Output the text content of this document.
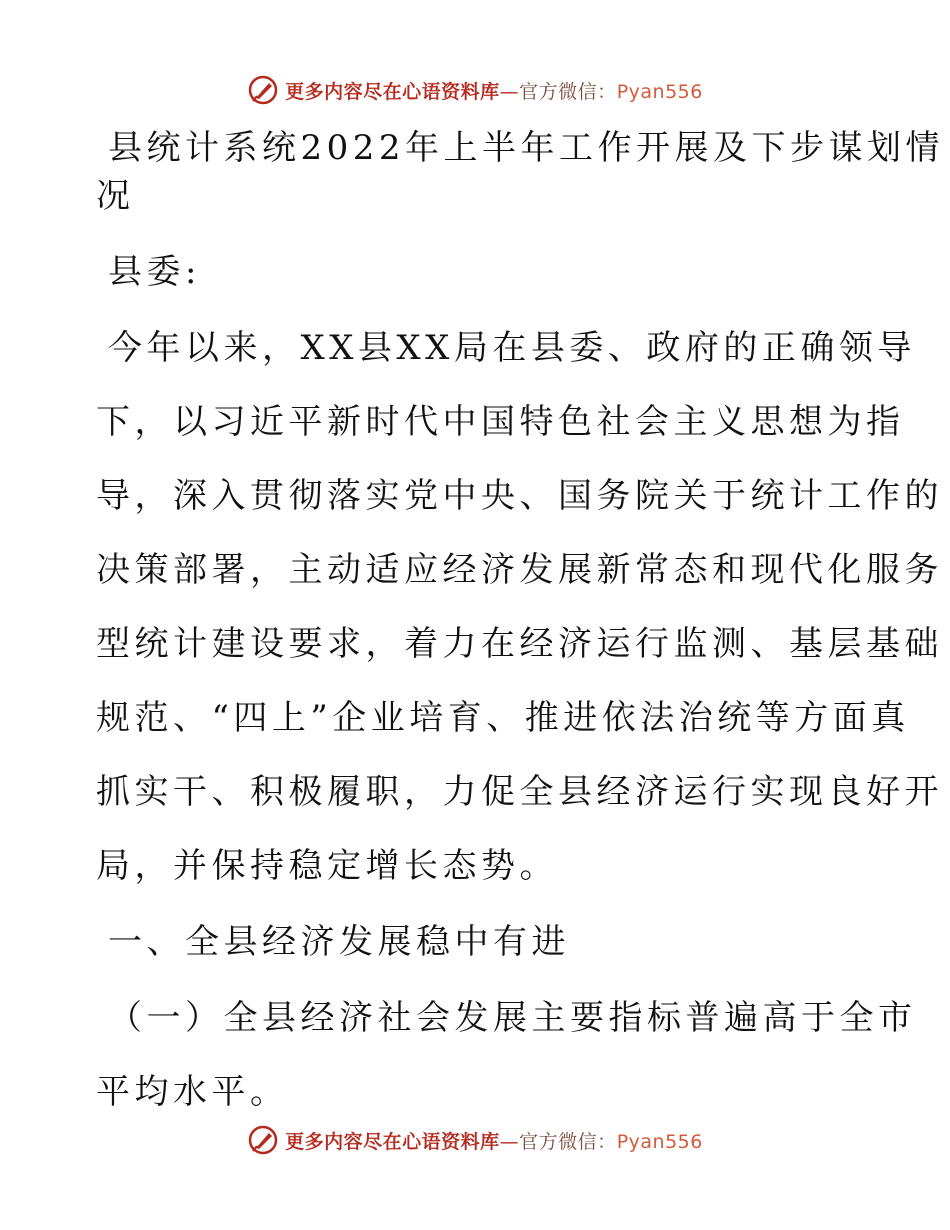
更多内容尽在心语资料库—官方微信：Pyan556
县统计系统2022年上半年工作开展及下步谋划情
况
县委:
今年以来，XX县XX局在县委、政府的正确领导
下，以习近平新时代中国特色社会主义思想为指
导，深入贯彻落实党中央、国务院关于统计工作的
决策部署，主动适应经济发展新常态和现代化服务
型统计建设要求，着力在经济运行监测、基层基础
规范、“四上”企业培育、推进依法治统等方面真
抓实干、积极履职，力促全县经济运行实现良好开
局，并保持稳定增长态势。
一、全县经济发展稳中有进
（一）全县经济社会发展主要指标普遍高于全市
平均水平。
更多内容尽在心语资料库—官方微信：Pyan556
